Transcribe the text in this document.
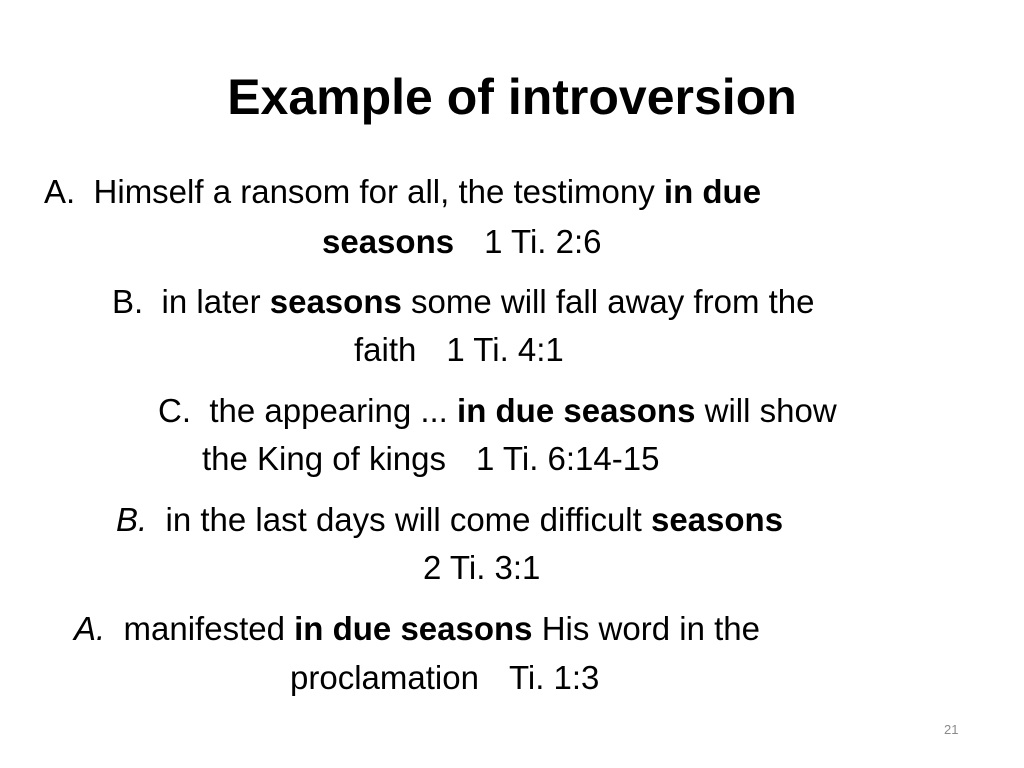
Example of introversion
A. Himself a ransom for all, the testimony in due
seasons 1 Ti. 2:6
B. in later seasons some will fall away from the
faith 1 Ti. 4:1
C. the appearing ... in due seasons will show
the King of kings 1 Ti. 6:14-15
B. in the last days will come difficult seasons
2 Ti. 3:1
A. manifested in due seasons His word in the
proclamation Ti. 1:3
21
